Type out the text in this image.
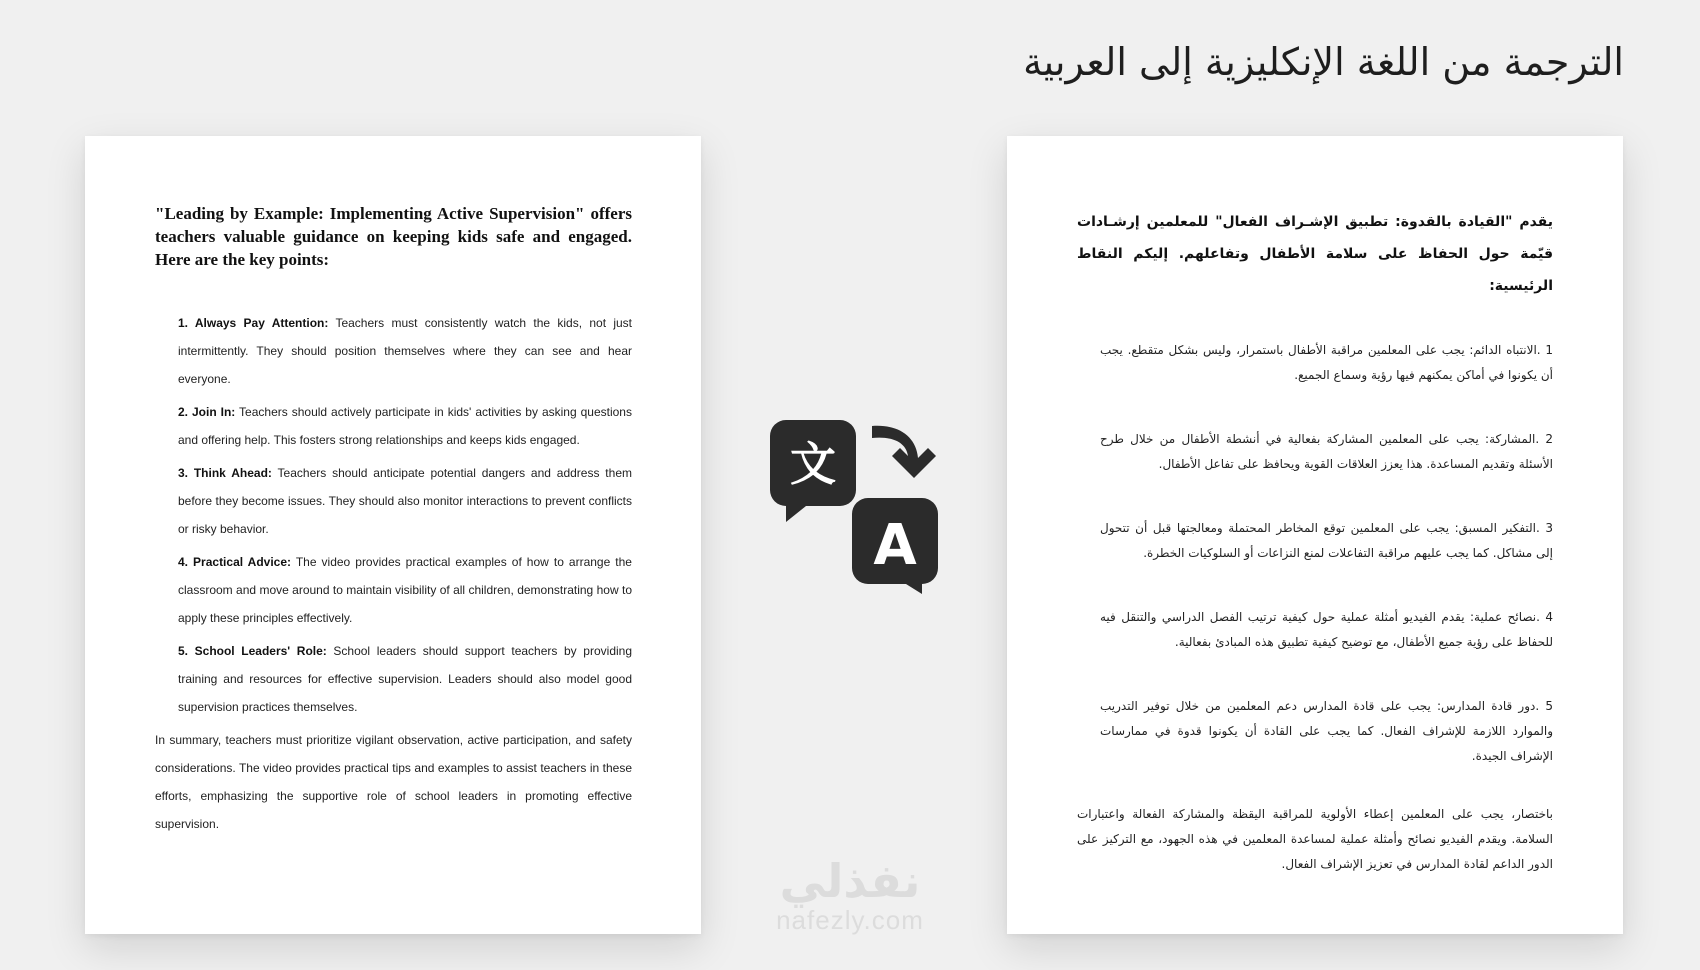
الترجمة من اللغة الإنكليزية إلى العربية
"Leading by Example: Implementing Active Supervision" offers teachers valuable guidance on keeping kids safe and engaged. Here are the key points:
1. Always Pay Attention: Teachers must consistently watch the kids, not just intermittently. They should position themselves where they can see and hear everyone.
2. Join In: Teachers should actively participate in kids' activities by asking questions and offering help. This fosters strong relationships and keeps kids engaged.
3. Think Ahead: Teachers should anticipate potential dangers and address them before they become issues. They should also monitor interactions to prevent conflicts or risky behavior.
4. Practical Advice: The video provides practical examples of how to arrange the classroom and move around to maintain visibility of all children, demonstrating how to apply these principles effectively.
5. School Leaders' Role: School leaders should support teachers by providing training and resources for effective supervision. Leaders should also model good supervision practices themselves.
In summary, teachers must prioritize vigilant observation, active participation, and safety considerations. The video provides practical tips and examples to assist teachers in these efforts, emphasizing the supportive role of school leaders in promoting effective supervision.
文
A
يقدم "القيادة بالقدوة: تطبيق الإشـراف الفعال" للمعلمين إرشـادات قيّمة حول الحفاظ على سلامة الأطفال وتفاعلهم. إليكم النقاط الرئيسية:
1 .الانتباه الدائم: يجب على المعلمين مراقبة الأطفال باستمرار، وليس بشكل متقطع. يجب أن يكونوا في أماكن يمكنهم فيها رؤية وسماع الجميع.
2 .المشاركة: يجب على المعلمين المشاركة بفعالية في أنشطة الأطفال من خلال طرح الأسئلة وتقديم المساعدة. هذا يعزز العلاقات القوية ويحافظ على تفاعل الأطفال.
3 .التفكير المسبق: يجب على المعلمين توقع المخاطر المحتملة ومعالجتها قبل أن تتحول إلى مشاكل. كما يجب عليهم مراقبة التفاعلات لمنع النزاعات أو السلوكيات الخطرة.
4 .نصائح عملية: يقدم الفيديو أمثلة عملية حول كيفية ترتيب الفصل الدراسي والتنقل فيه للحفاظ على رؤية جميع الأطفال، مع توضيح كيفية تطبيق هذه المبادئ بفعالية.
5 .دور قادة المدارس: يجب على قادة المدارس دعم المعلمين من خلال توفير التدريب والموارد اللازمة للإشراف الفعال. كما يجب على القادة أن يكونوا قدوة في ممارسات الإشراف الجيدة.
باختصار، يجب على المعلمين إعطاء الأولوية للمراقبة اليقظة والمشاركة الفعالة واعتبارات السلامة. ويقدم الفيديو نصائح وأمثلة عملية لمساعدة المعلمين في هذه الجهود، مع التركيز على الدور الداعم لقادة المدارس في تعزيز الإشراف الفعال.
نفذلي
nafezly.com
